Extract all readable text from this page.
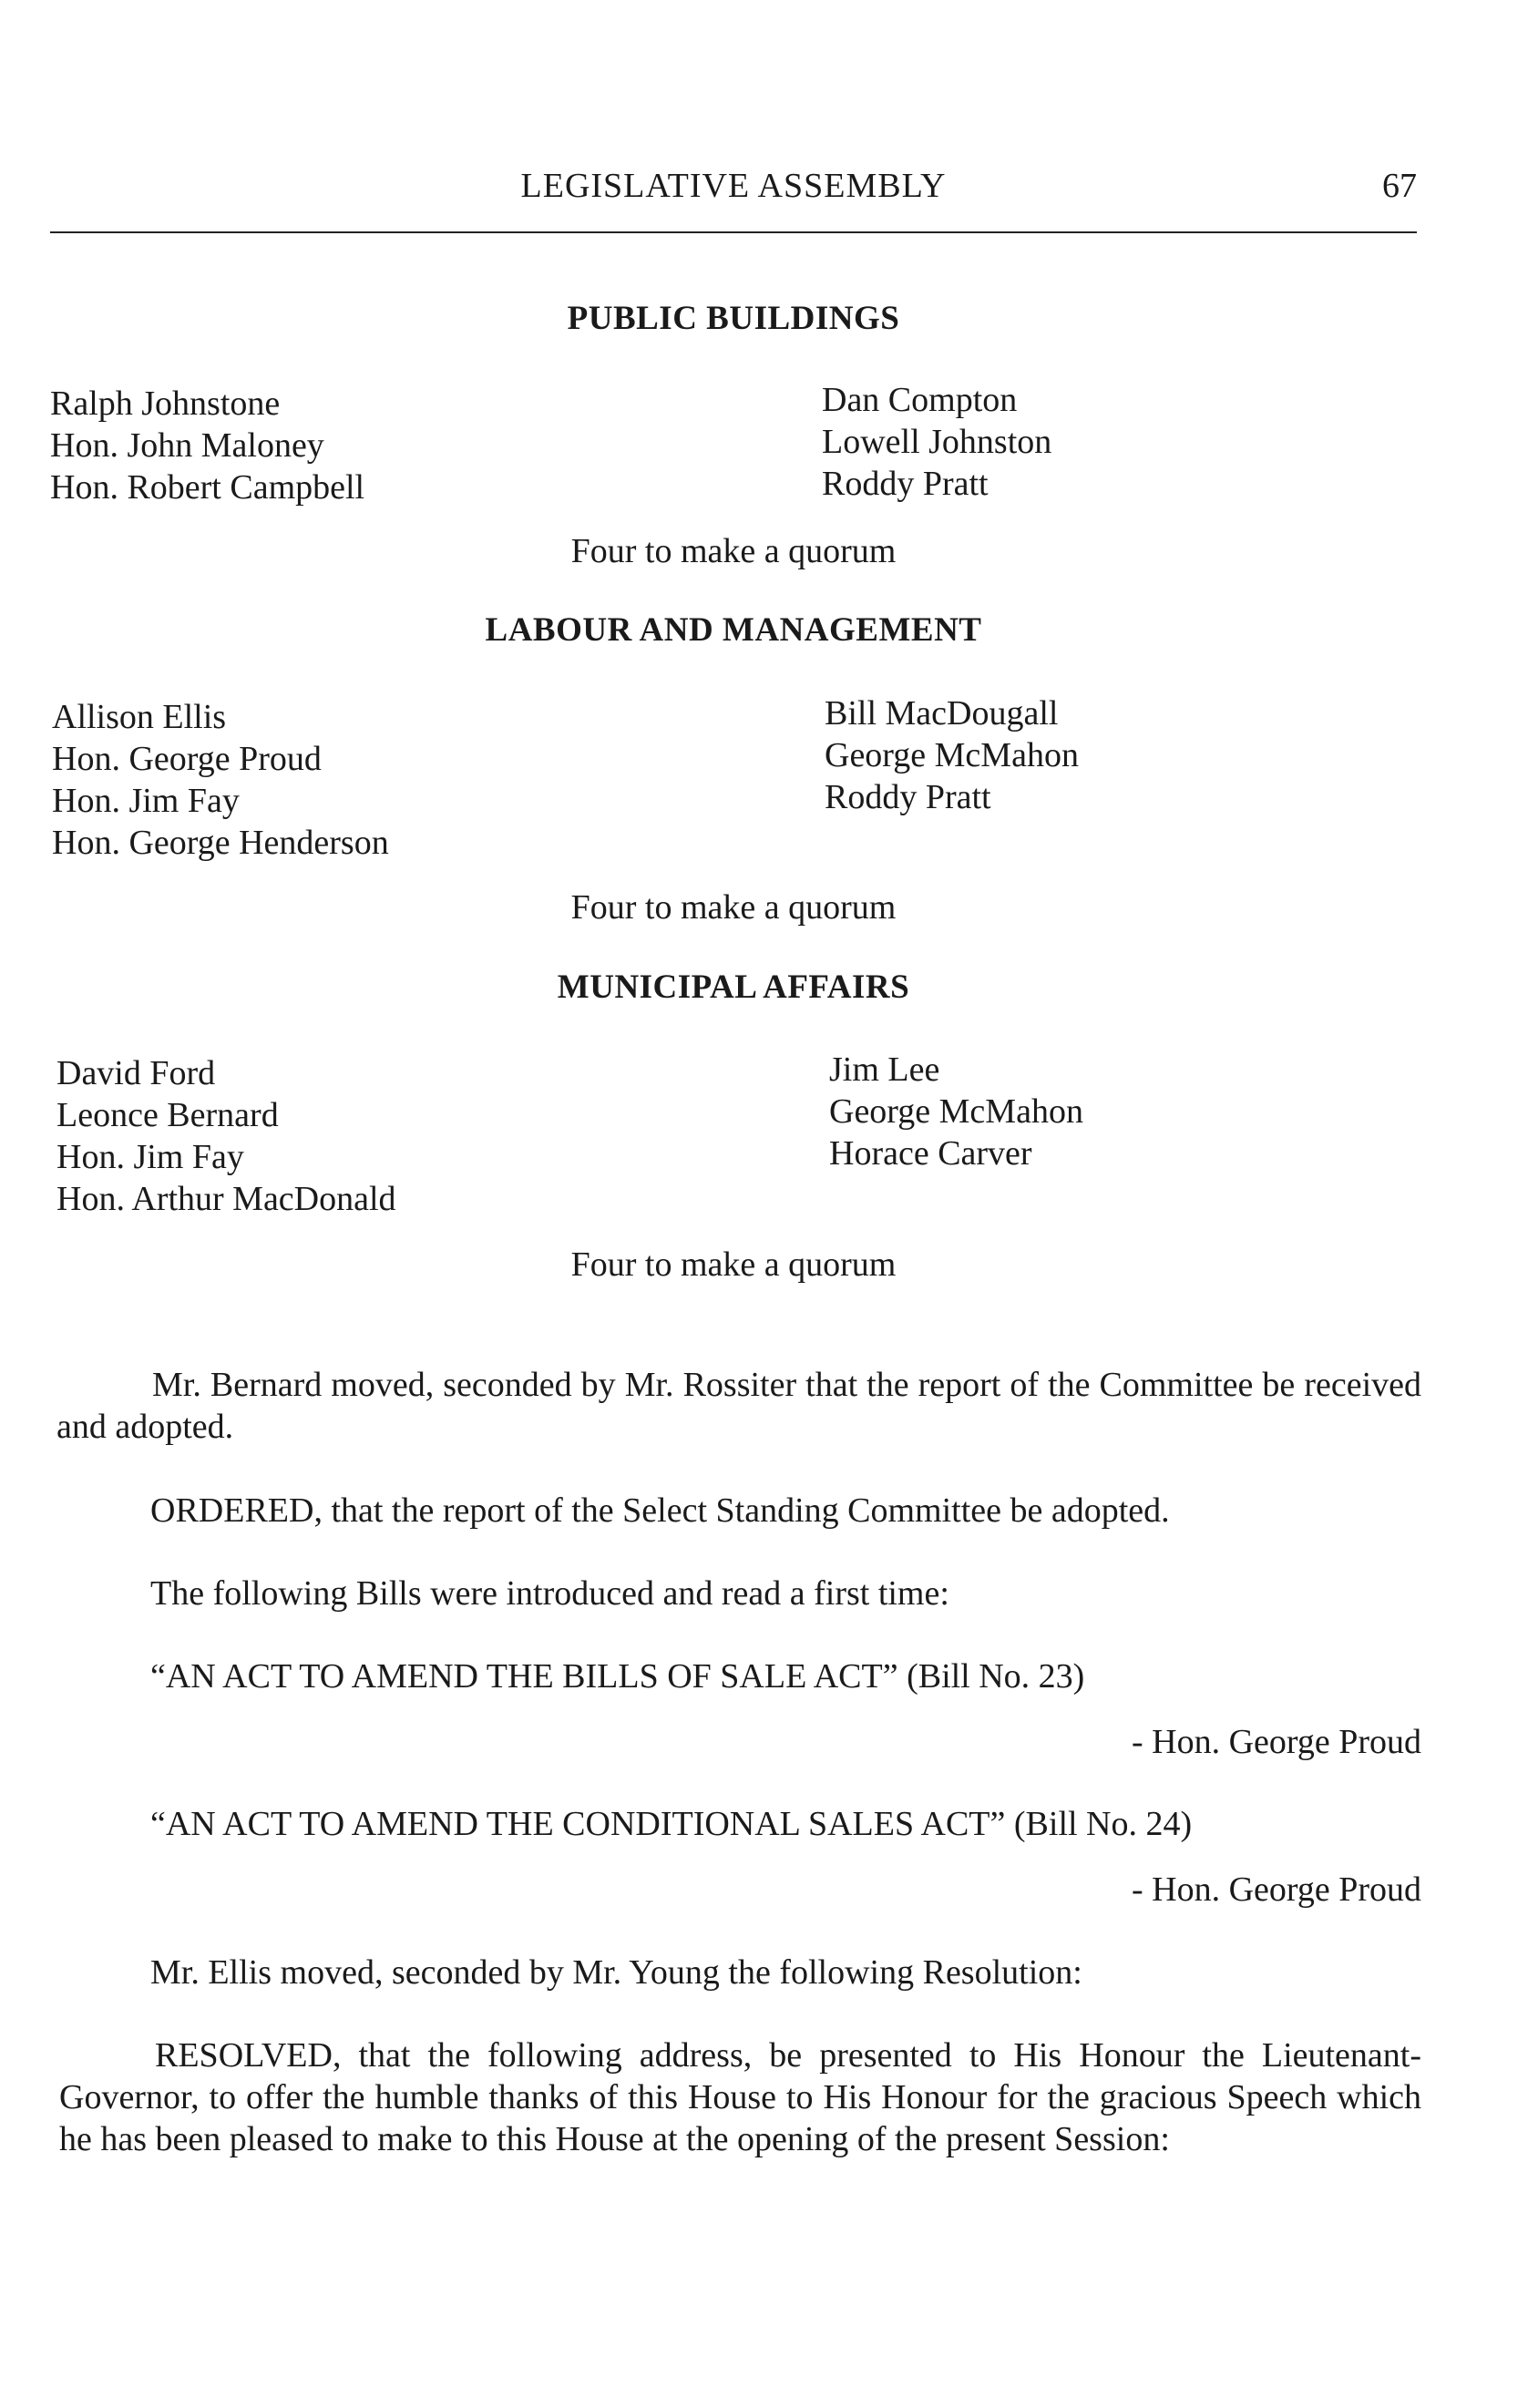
LEGISLATIVE ASSEMBLY	67
PUBLIC BUILDINGS
Ralph Johnstone
Hon. John Maloney
Hon. Robert Campbell
Dan Compton
Lowell Johnston
Roddy Pratt
Four to make a quorum
LABOUR AND MANAGEMENT
Allison Ellis
Hon. George Proud
Hon. Jim Fay
Hon. George Henderson
Bill MacDougall
George McMahon
Roddy Pratt
Four to make a quorum
MUNICIPAL AFFAIRS
David Ford
Leonce Bernard
Hon. Jim Fay
Hon. Arthur MacDonald
Jim Lee
George McMahon
Horace Carver
Four to make a quorum
Mr. Bernard moved, seconded by Mr. Rossiter that the report of the Committee be received and adopted.
ORDERED, that the report of the Select Standing Committee be adopted.
The following Bills were introduced and read a first time:
“AN ACT TO AMEND THE BILLS OF SALE ACT” (Bill No. 23)
- Hon. George Proud
“AN ACT TO AMEND THE CONDITIONAL SALES ACT” (Bill No. 24)
- Hon. George Proud
Mr. Ellis moved, seconded by Mr. Young the following Resolution:
RESOLVED, that the following address, be presented to His Honour the Lieutenant-Governor, to offer the humble thanks of this House to His Honour for the gracious Speech which he has been pleased to make to this House at the opening of the present Session:
